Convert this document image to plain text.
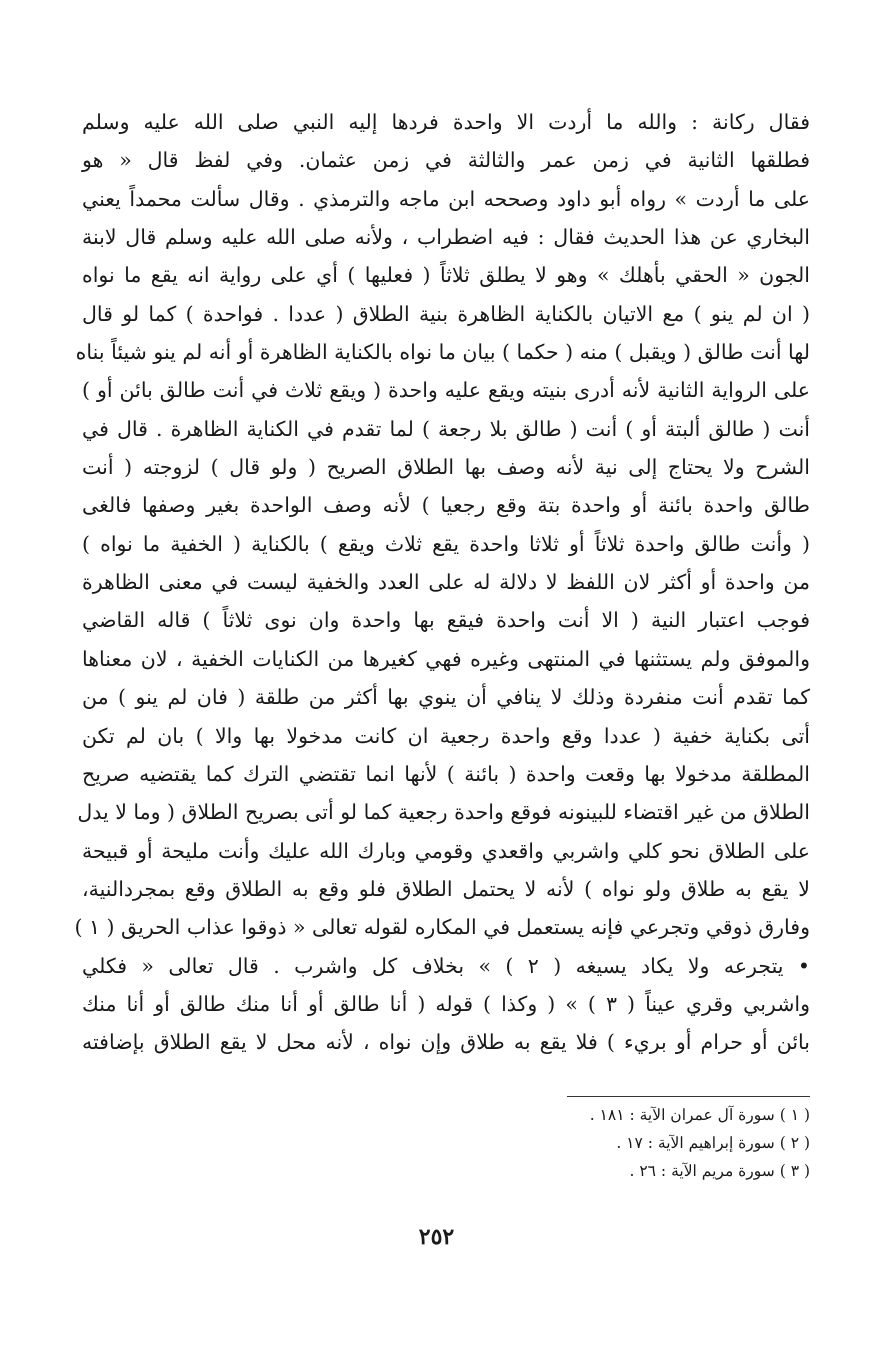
فقال ركانة : والله ما أردت الا واحدة فردها إليه النبي صلى الله عليه وسلم
فطلقها الثانية في زمن عمر والثالثة في زمن عثمان. وفي لفظ قال « هو
على ما أردت » رواه أبو داود وصححه ابن ماجه والترمذي . وقال سألت محمداً يعني
البخاري عن هذا الحديث فقال : فيه اضطراب ، ولأنه صلى الله عليه وسلم قال لابنة
الجون « الحقي بأهلك » وهو لا يطلق ثلاثاً ( فعليها ) أي على رواية انه يقع ما نواه
( ان لم ينو ) مع الاتيان بالكناية الظاهرة بنية الطلاق ( عددا . فواحدة ) كما لو قال
لها أنت طالق ( ويقبل ) منه ( حكما ) بيان ما نواه بالكناية الظاهرة أو أنه لم ينو شيئاً بناه
على الرواية الثانية لأنه أدرى بنيته ويقع عليه واحدة ( ويقع ثلاث في أنت طالق بائن أو )
أنت ( طالق ألبتة أو ) أنت ( طالق بلا رجعة ) لما تقدم في الكناية الظاهرة . قال في
الشرح ولا يحتاج إلى نية لأنه وصف بها الطلاق الصريح ( ولو قال ) لزوجته ( أنت
طالق واحدة بائنة أو واحدة بتة وقع رجعيا ) لأنه وصف الواحدة بغير وصفها فالغى
( وأنت طالق واحدة ثلاثاً أو ثلاثا واحدة يقع ثلاث ويقع ) بالكناية ( الخفية ما نواه )
من واحدة أو أكثر لان اللفظ لا دلالة له على العدد والخفية ليست في معنى الظاهرة
فوجب اعتبار النية ( الا أنت واحدة فيقع بها واحدة وان نوى ثلاثاً ) قاله القاضي
والموفق ولم يستثنها في المنتهى وغيره فهي كغيرها من الكنايات الخفية ، لان معناها
كما تقدم أنت منفردة وذلك لا ينافي أن ينوي بها أكثر من طلقة ( فان لم ينو ) من
أتى بكناية خفية ( عددا وقع واحدة رجعية ان كانت مدخولا بها والا ) بان لم تكن
المطلقة مدخولا بها وقعت واحدة ( بائنة ) لأنها انما تقتضي الترك كما يقتضيه صريح
الطلاق من غير اقتضاء للبينونه فوقع واحدة رجعية كما لو أتى بصريح الطلاق ( وما لا يدل
على الطلاق نحو كلي واشربي واقعدي وقومي وبارك الله عليك وأنت مليحة أو قبيحة
لا يقع به طلاق ولو نواه ) لأنه لا يحتمل الطلاق فلو وقع به الطلاق وقع بمجردالنية،
وفارق ذوقي وتجرعي فإنه يستعمل في المكاره لقوله تعالى « ذوقوا عذاب الحريق ( ١ )
• يتجرعه ولا يكاد يسيغه ( ٢ ) » بخلاف كل واشرب . قال تعالى « فكلي
واشربي وقري عيناً ( ٣ ) » ( وكذا ) قوله ( أنا طالق أو أنا منك طالق أو أنا منك
بائن أو حرام أو بريء ) فلا يقع به طلاق وإن نواه ، لأنه محل لا يقع الطلاق بإضافته
( ١ ) سورة آل عمران الآية : ١٨١ .
( ٢ ) سورة إبراهيم الآية : ١٧ .
( ٣ ) سورة مريم الآية : ٢٦ .
٢٥٢
